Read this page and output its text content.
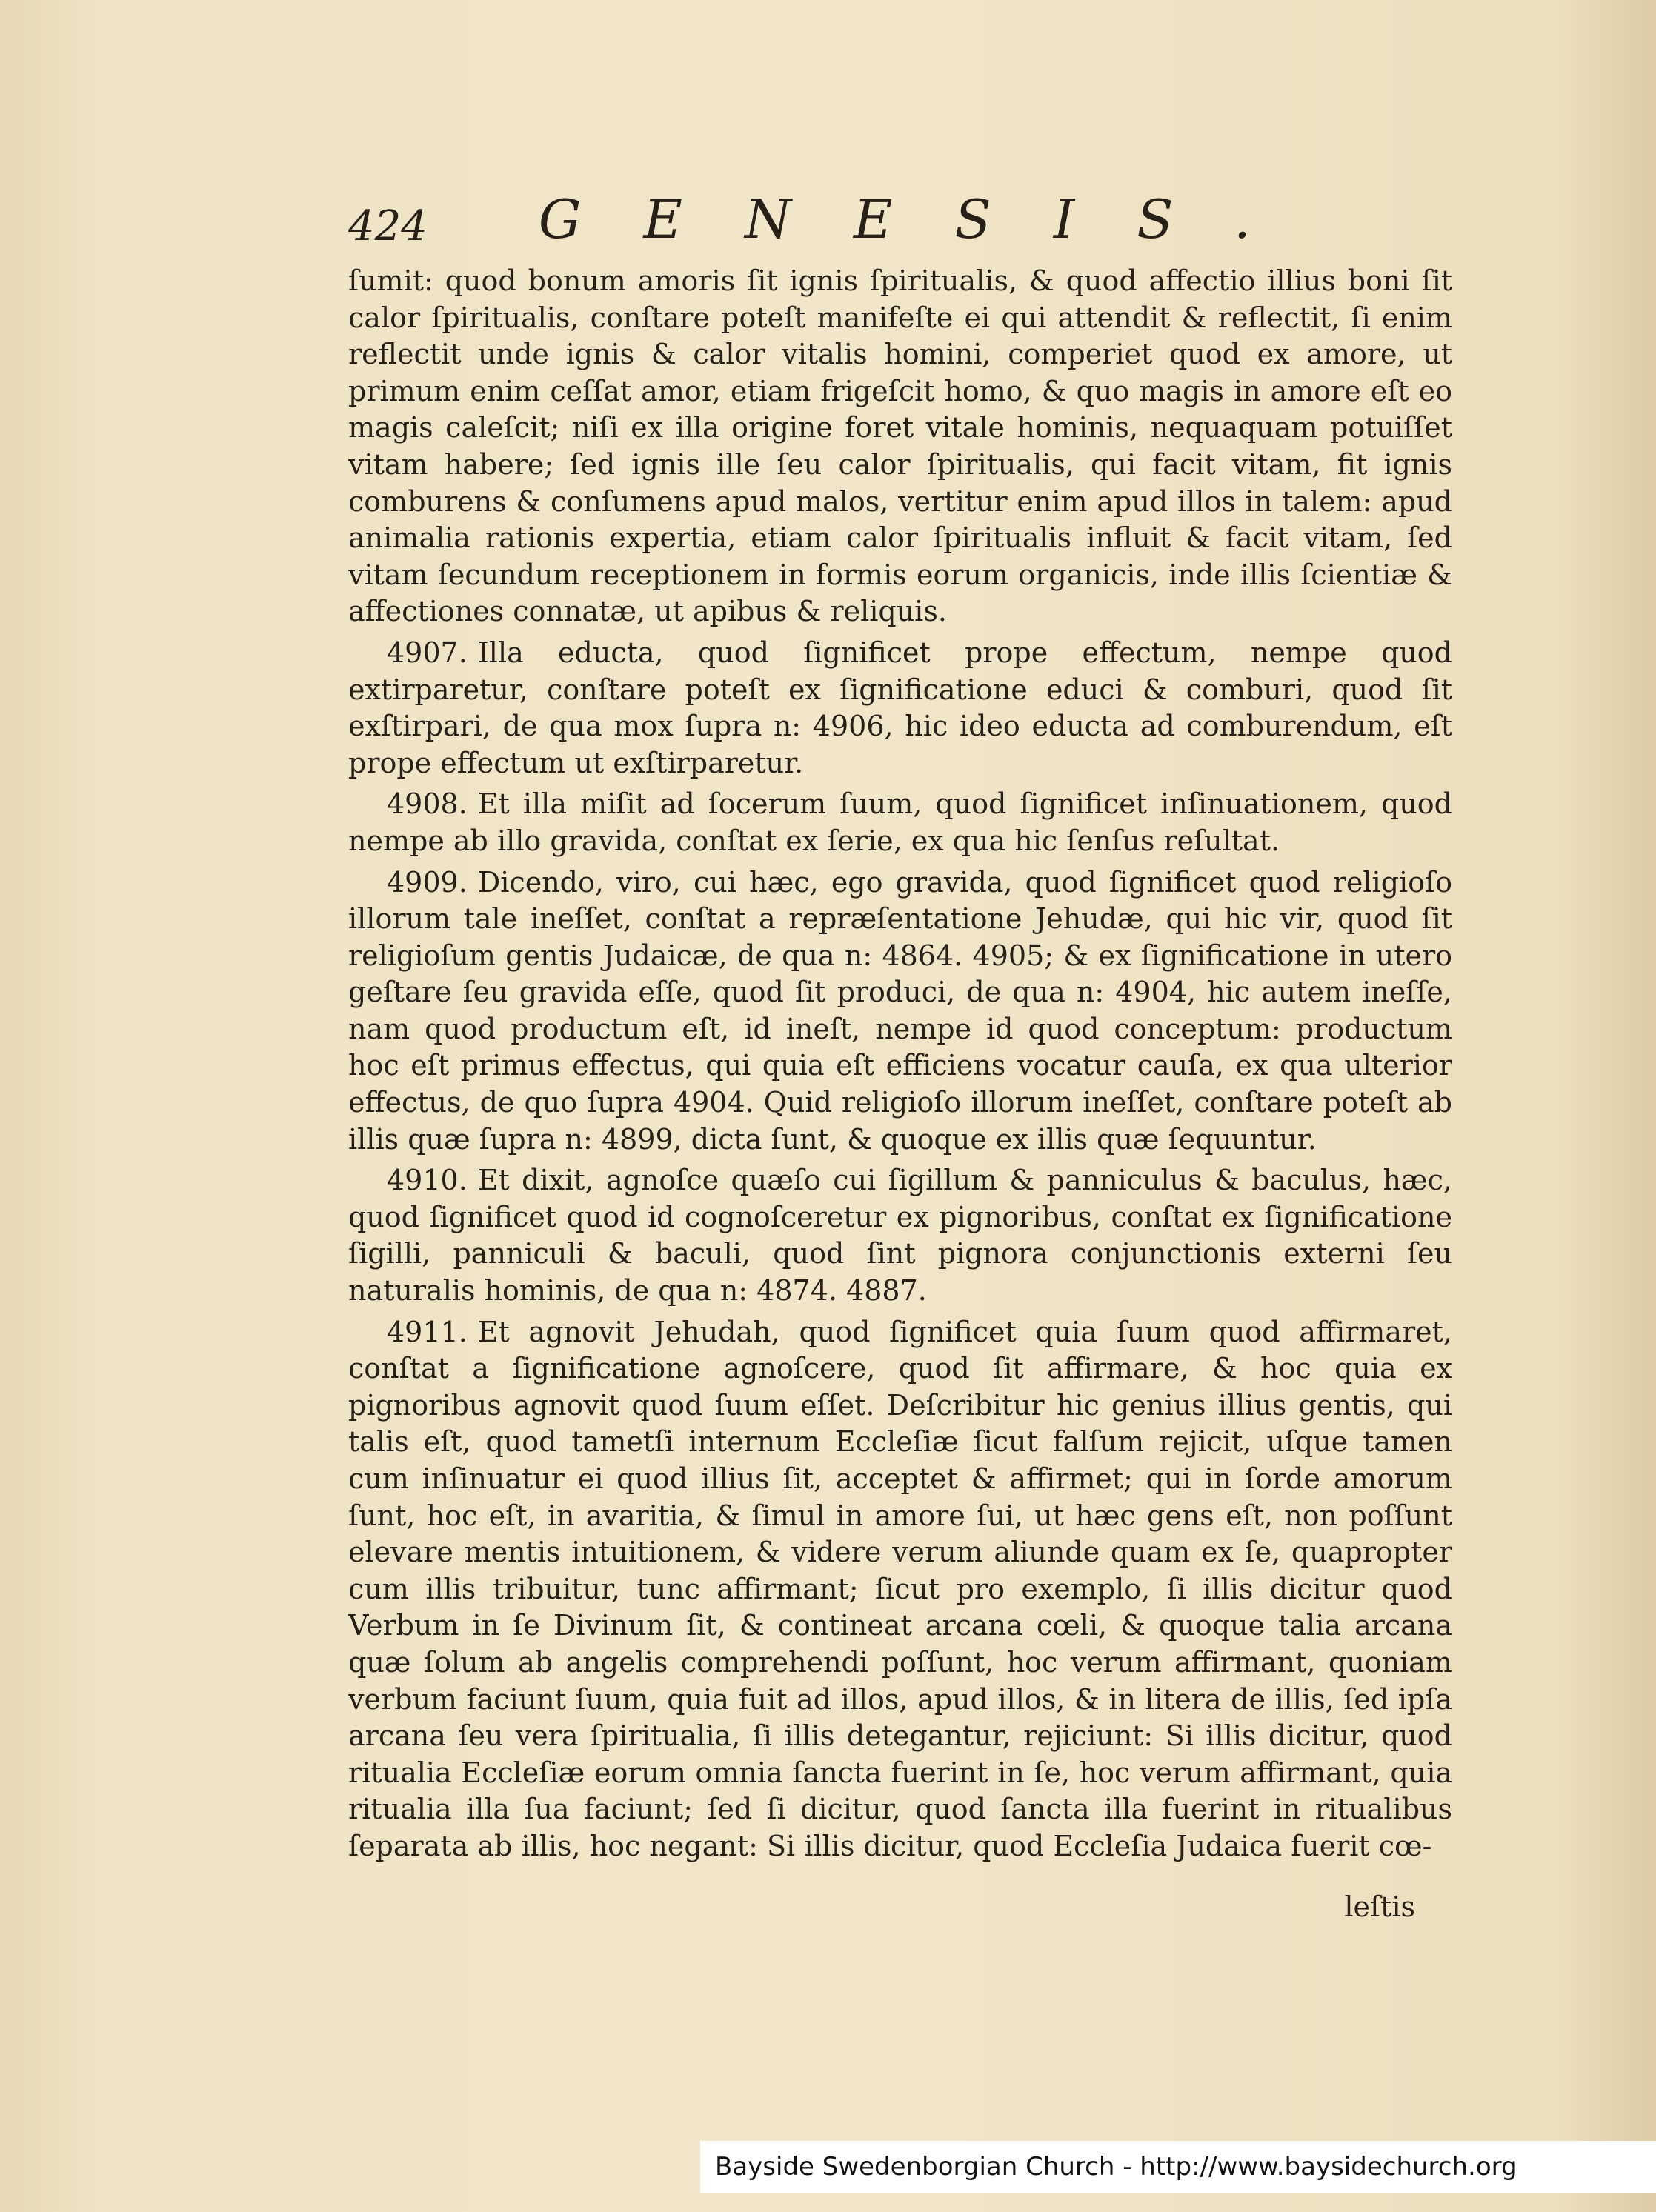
424 GENESIS.

ſumit: quod bonum amoris ſit ignis ſpiritualis, & quod affectio illius boni ſit calor ſpiritualis, conſtare poteſt manifeſte ei qui attendit & reflectit, ſi enim reflectit unde ignis & calor vitalis homini, comperiet quod ex amore, ut primum enim ceſſat amor, etiam frigeſcit homo, & quo magis in amore eſt eo magis caleſcit; niſi ex illa origine foret vitale hominis, nequaquam potuiſſet vitam habere; ſed ignis ille ſeu calor ſpiritualis, qui facit vitam, fit ignis comburens & conſumens apud malos, vertitur enim apud illos in talem: apud animalia rationis expertia, etiam calor ſpiritualis influit & facit vitam, ſed vitam ſecundum receptionem in formis eorum organicis, inde illis ſcientiæ & affectiones connatæ, ut apibus & reliquis.

4907. Illa educta, quod ſignificet prope effectum, nempe quod extirparetur, conſtare poteſt ex ſignificatione educi & comburi, quod ſit exſtirpari, de qua mox ſupra n: 4906, hic ideo educta ad comburendum, eſt prope effectum ut exſtirparetur.

4908. Et illa miſit ad ſocerum ſuum, quod ſignificet inſinuationem, quod nempe ab illo gravida, conſtat ex ſerie, ex qua hic ſenſus reſultat.

4909. Dicendo, viro, cui hæc, ego gravida, quod ſignificet quod religioſo illorum tale ineſſet, conſtat a repræſentatione Jehudæ, qui hic vir, quod ſit religioſum gentis Judaicæ, de qua n: 4864. 4905; & ex ſignificatione in utero geſtare ſeu gravida eſſe, quod ſit produci, de qua n: 4904, hic autem ineſſe, nam quod productum eſt, id ineſt, nempe id quod conceptum: productum hoc eſt primus effectus, qui quia eſt efficiens vocatur cauſa, ex qua ulterior effectus, de quo ſupra 4904. Quid religioſo illorum ineſſet, conſtare poteſt ab illis quæ ſupra n: 4899, dicta ſunt, & quoque ex illis quæ ſequuntur.

4910. Et dixit, agnoſce quæſo cui ſigillum & panniculus & baculus, hæc, quod ſignificet quod id cognoſceretur ex pignoribus, conſtat ex ſignificatione ſigilli, panniculi & baculi, quod ſint pignora conjunctionis externi ſeu naturalis hominis, de qua n: 4874. 4887.

4911. Et agnovit Jehudah, quod ſignificet quia ſuum quod affirmaret, conſtat a ſignificatione agnoſcere, quod ſit affirmare, & hoc quia ex pignoribus agnovit quod ſuum eſſet. Deſcribitur hic genius illius gentis, qui talis eſt, quod tametſi internum Eccleſiæ ſicut falſum rejicit, uſque tamen cum inſinuatur ei quod illius ſit, acceptet & affirmet; qui in ſorde amorum ſunt, hoc eſt, in avaritia, & ſimul in amore ſui, ut hæc gens eſt, non poſſunt elevare mentis intuitionem, & videre verum aliunde quam ex ſe, quapropter cum illis tribuitur, tunc affirmant; ſicut pro exemplo, ſi illis dicitur quod Verbum in ſe Divinum ſit, & contineat arcana cœli, & quoque talia arcana quæ ſolum ab angelis comprehendi poſſunt, hoc verum affirmant, quoniam verbum faciunt ſuum, quia fuit ad illos, apud illos, & in litera de illis, ſed ipſa arcana ſeu vera ſpiritualia, ſi illis detegantur, rejiciunt: Si illis dicitur, quod ritualia Eccleſiæ eorum omnia ſancta fuerint in ſe, hoc verum affirmant, quia ritualia illa ſua faciunt; ſed ſi dicitur, quod ſancta illa fuerint in ritualibus ſeparata ab illis, hoc negant: Si illis dicitur, quod Eccleſia Judaica fuerit cœ-

leſtis
Bayside Swedenborgian Church - http://www.baysidechurch.org
